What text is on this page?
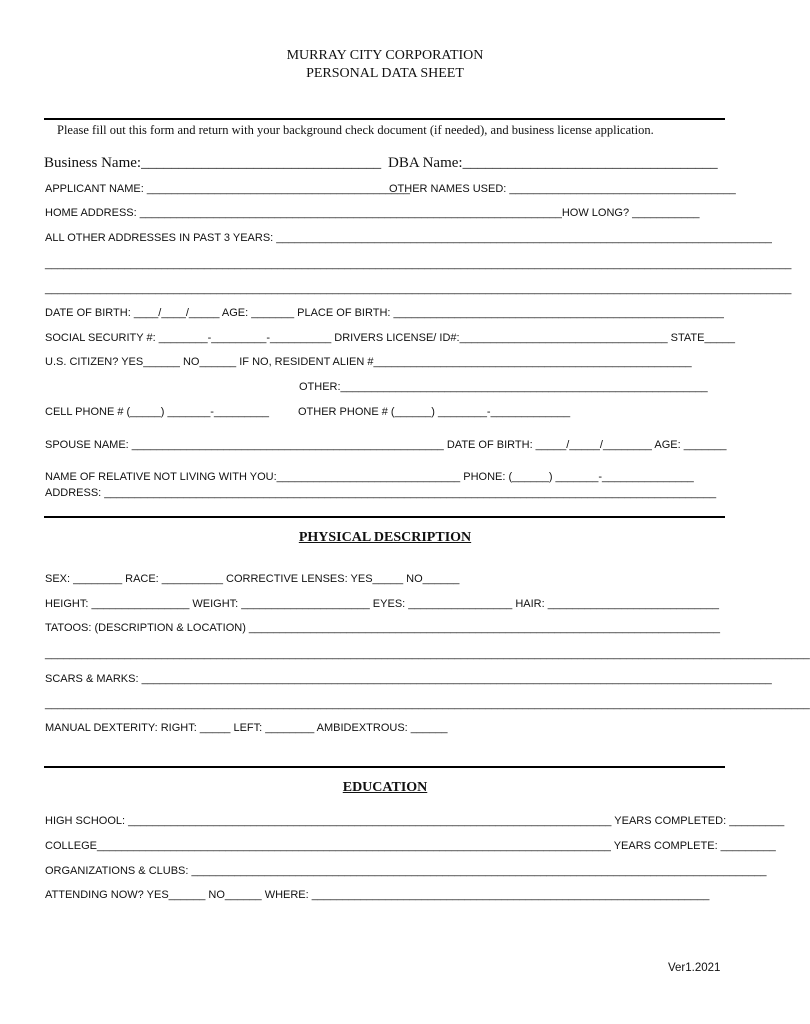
MURRAY CITY CORPORATION
PERSONAL DATA SHEET
Please fill out this form and return with your background check document (if needed), and business license application.
Business Name:________________________________ DBA Name:__________________________________
APPLICANT NAME: ___________________________________________
OTHER NAMES USED: _____________________________________
HOME ADDRESS: _____________________________________________________________________HOW LONG? ___________
ALL OTHER ADDRESSES IN PAST 3 YEARS: _________________________________________________________________________________
__________________________________________________________________________________________________________________________
__________________________________________________________________________________________________________________________
DATE OF BIRTH: ____/____/_____ AGE: _______ PLACE OF BIRTH: ______________________________________________________
SOCIAL SECURITY #: ________-_________-__________ DRIVERS LICENSE/ ID#:__________________________________ STATE_____
U.S. CITIZEN? YES______ NO______ IF NO, RESIDENT ALIEN #____________________________________________________
OTHER:____________________________________________________________
CELL PHONE # (_____) _______-_________	OTHER PHONE # (______) ________-_____________
SPOUSE NAME: ___________________________________________________ DATE OF BIRTH: _____/_____/________ AGE: _______
NAME OF RELATIVE NOT LIVING WITH YOU:______________________________ PHONE: (______) _______-_______________
ADDRESS: ____________________________________________________________________________________________________
PHYSICAL DESCRIPTION
SEX: ________ RACE: __________ CORRECTIVE LENSES: YES_____ NO______
HEIGHT: ________________ WEIGHT: _____________________ EYES: _________________ HAIR: ____________________________
TATOOS: (DESCRIPTION & LOCATION) _____________________________________________________________________________
_____________________________________________________________________________________________________________________________
SCARS & MARKS: _______________________________________________________________________________________________________
_____________________________________________________________________________________________________________________________
MANUAL DEXTERITY: RIGHT: _____ LEFT: ________ AMBIDEXTROUS: ______
EDUCATION
HIGH SCHOOL: _______________________________________________________________________________ YEARS COMPLETED: _________
COLLEGE____________________________________________________________________________________ YEARS COMPLETE: _________
ORGANIZATIONS & CLUBS: ______________________________________________________________________________________________
ATTENDING NOW? YES______ NO______ WHERE: _________________________________________________________________
Ver1.2021
